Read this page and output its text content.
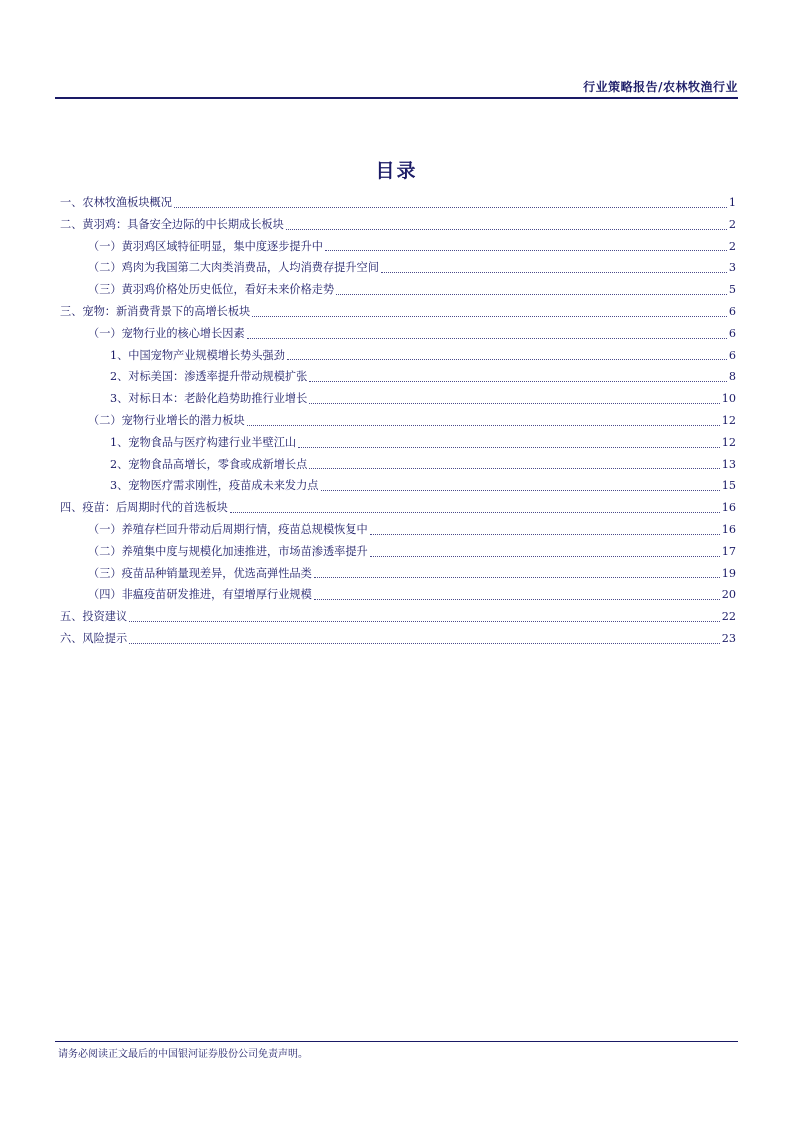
行业策略报告/农林牧渔行业
目录
一、农林牧渔板块概况	1
二、黄羽鸡：具备安全边际的中长期成长板块	2
（一）黄羽鸡区域特征明显，集中度逐步提升中	2
（二）鸡肉为我国第二大肉类消费品，人均消费存提升空间	3
（三）黄羽鸡价格处历史低位，看好未来价格走势	5
三、宠物：新消费背景下的高增长板块	6
（一）宠物行业的核心增长因素	6
1、中国宠物产业规模增长势头强劲	6
2、对标美国：渗透率提升带动规模扩张	8
3、对标日本：老龄化趋势助推行业增长	10
（二）宠物行业增长的潜力板块	12
1、宠物食品与医疗构建行业半壁江山	12
2、宠物食品高增长，零食或成新增长点	13
3、宠物医疗需求刚性，疫苗成未来发力点	15
四、疫苗：后周期时代的首选板块	16
（一）养殖存栏回升带动后周期行情，疫苗总规模恢复中	16
（二）养殖集中度与规模化加速推进，市场苗渗透率提升	17
（三）疫苗品种销量现差异，优选高弹性品类	19
（四）非瘟疫苗研发推进，有望增厚行业规模	20
五、投资建议	22
六、风险提示	23
请务必阅读正文最后的中国银河证券股份公司免责声明。
